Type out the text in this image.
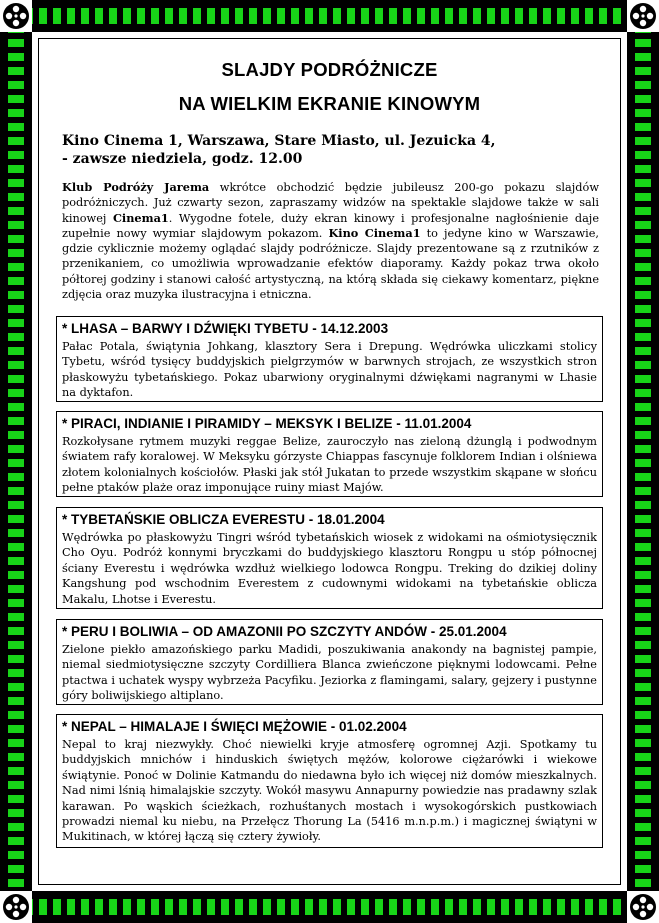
SLAJDY PODRÓŻNICZE
NA WIELKIM EKRANIE KINOWYM
Kino Cinema 1, Warszawa, Stare Miasto, ul. Jezuicka 4,
- zawsze niedziela, godz. 12.00
Klub Podróży Jarema wkrótce obchodzić będzie jubileusz 200-go pokazu slajdów podróżniczych. Już czwarty sezon, zapraszamy widzów na spektakle slajdowe także w sali kinowej Cinema1. Wygodne fotele, duży ekran kinowy i profesjonalne nagłośnienie daje zupełnie nowy wymiar slajdowym pokazom. Kino Cinema1 to jedyne kino w Warszawie, gdzie cyklicznie możemy oglądać slajdy podróżnicze. Slajdy prezentowane są z rzutników z przenikaniem, co umożliwia wprowadzanie efektów diaporamy. Każdy pokaz trwa około półtorej godziny i stanowi całość artystyczną, na którą składa się ciekawy komentarz, piękne zdjęcia oraz muzyka ilustracyjna i etniczna.
* LHASA – BARWY I DŹWIĘKI TYBETU - 14.12.2003

Pałac Potala, świątynia Johkang, klasztory Sera i Drepung. Wędrówka uliczkami stolicy Tybetu, wśród tysięcy buddyjskich pielgrzymów w barwnych strojach, ze wszystkich stron płaskowyżu tybetańskiego. Pokaz ubarwiony oryginalnymi dźwiękami nagranymi w Lhasie na dyktafon.

* PIRACI, INDIANIE I PIRAMIDY – MEKSYK I BELIZE - 11.01.2004

Rozkołysane rytmem muzyki reggae Belize, zauroczyło nas zieloną dżunglą i podwodnym światem rafy koralowej. W Meksyku górzyste Chiappas fascynuje folklorem Indian i olśniewa złotem kolonialnych kościołów. Płaski jak stół Jukatan to przede wszystkim skąpane w słońcu pełne ptaków plaże oraz imponujące ruiny miast Majów.

* TYBETAŃSKIE OBLICZA EVERESTU - 18.01.2004

Wędrówka po płaskowyżu Tingri wśród tybetańskich wiosek z widokami na ośmiotysięcznik Cho Oyu. Podróż konnymi bryczkami do buddyjskiego klasztoru Rongpu u stóp północnej ściany Everestu i wędrówka wzdłuż wielkiego lodowca Rongpu. Treking do dzikiej doliny Kangshung pod wschodnim Everestem z cudownymi widokami na tybetańskie oblicza Makalu, Lhotse i Everestu.

* PERU I BOLIWIA – OD AMAZONII PO SZCZYTY ANDÓW - 25.01.2004

Zielone piekło amazońskiego parku Madidi, poszukiwania anakondy na bagnistej pampie, niemal siedmiotysięczne szczyty Cordilliera Blanca zwieńczone pięknymi lodowcami. Pełne ptactwa i uchatek wyspy wybrzeża Pacyfiku. Jeziorka z flamingami, salary, gejzery i pustynne góry boliwijskiego altiplano.

* NEPAL – HIMALAJE I ŚWIĘCI MĘŻOWIE - 01.02.2004

Nepal to kraj niezwykły. Choć niewielki kryje atmosferę ogromnej Azji. Spotkamy tu buddyjskich mnichów i hinduskich świętych mężów, kolorowe ciężarówki i wiekowe świątynie. Ponoć w Dolinie Katmandu do niedawna było ich więcej niż domów mieszkalnych. Nad nimi lśnią himalajskie szczyty. Wokół masywu Annapurny powiedzie nas pradawny szlak karawan. Po wąskich ścieżkach, rozhuśtanych mostach i wysokogórskich pustkowiach prowadzi niemal ku niebu, na Przełęcz Thorung La (5416 m.n.p.m.) i magicznej świątyni w Mukitinach, w której łączą się cztery żywioły.
